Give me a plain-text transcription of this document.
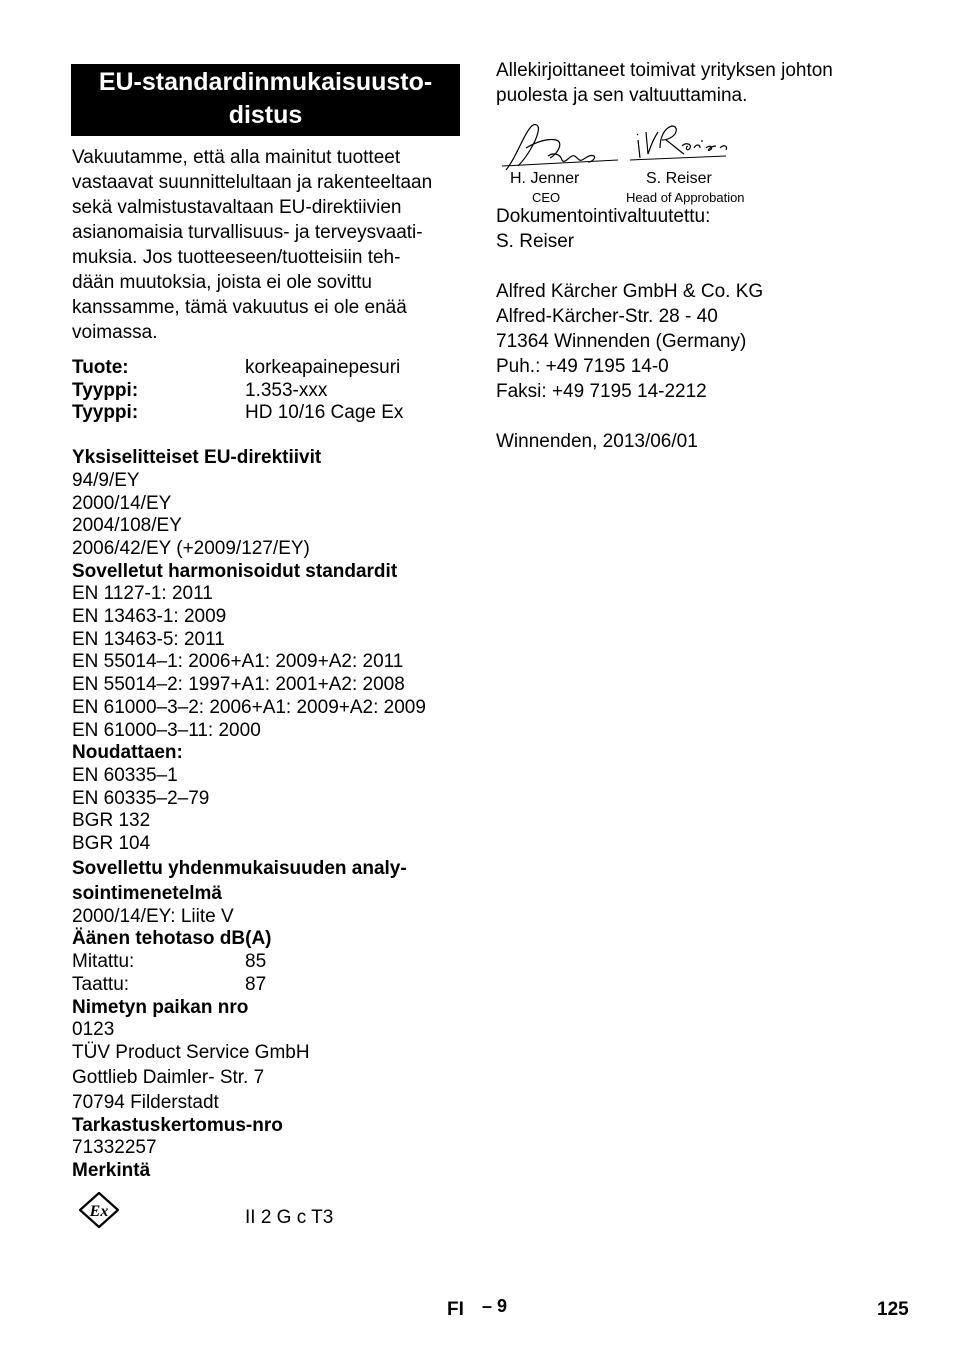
EU-standardinmukaisuusto-
distus

Vakuutamme, että alla mainitut tuotteet
vastaavat suunnittelultaan ja rakenteeltaan
sekä valmistustavaltaan EU-direktiivien
asianomaisia turvallisuus- ja terveysvaati-
muksia. Jos tuotteeseen/tuotteisiin teh-
dään muutoksia, joista ei ole sovittu
kanssamme, tämä vakuutus ei ole enää
voimassa.

Tuote:	korkeapainepesuri
Tyyppi:	1.353-xxx
Tyyppi:	HD 10/16 Cage Ex
Yksiselitteiset EU-direktiivit
94/9/EY
2000/14/EY
2004/108/EY
2006/42/EY (+2009/127/EY)
Sovelletut harmonisoidut standardit
EN 1127-1: 2011
EN 13463-1: 2009
EN 13463-5: 2011
EN 55014–1: 2006+A1: 2009+A2: 2011
EN 55014–2: 1997+A1: 2001+A2: 2008
EN 61000–3–2: 2006+A1: 2009+A2: 2009
EN 61000–3–11: 2000
Noudattaen:
EN 60335–1
EN 60335–2–79
BGR 132
BGR 104
Sovellettu yhdenmukaisuuden analy-
sointimenetelmä
2000/14/EY: Liite V
Äänen tehotaso dB(A)
Mitattu:	85
Taattu:	87
Nimetyn paikan nro
0123
TÜV Product Service GmbH
Gottlieb Daimler- Str. 7
70794 Filderstadt
Tarkastuskertomus-nro
71332257
Merkintä
Ex	II 2 G c T3
Allekirjoittaneet toimivat yrityksen johton
puolesta ja sen valtuuttamina.
H. Jenner
CEO
S. Reiser
Head of Approbation
Dokumentointivaltuutettu:
S. Reiser
Alfred Kärcher GmbH & Co. KG
Alfred-Kärcher-Str. 28 - 40
71364 Winnenden (Germany)
Puh.: +49 7195 14-0
Faksi: +49 7195 14-2212
Winnenden, 2013/06/01
FI – 9	125
